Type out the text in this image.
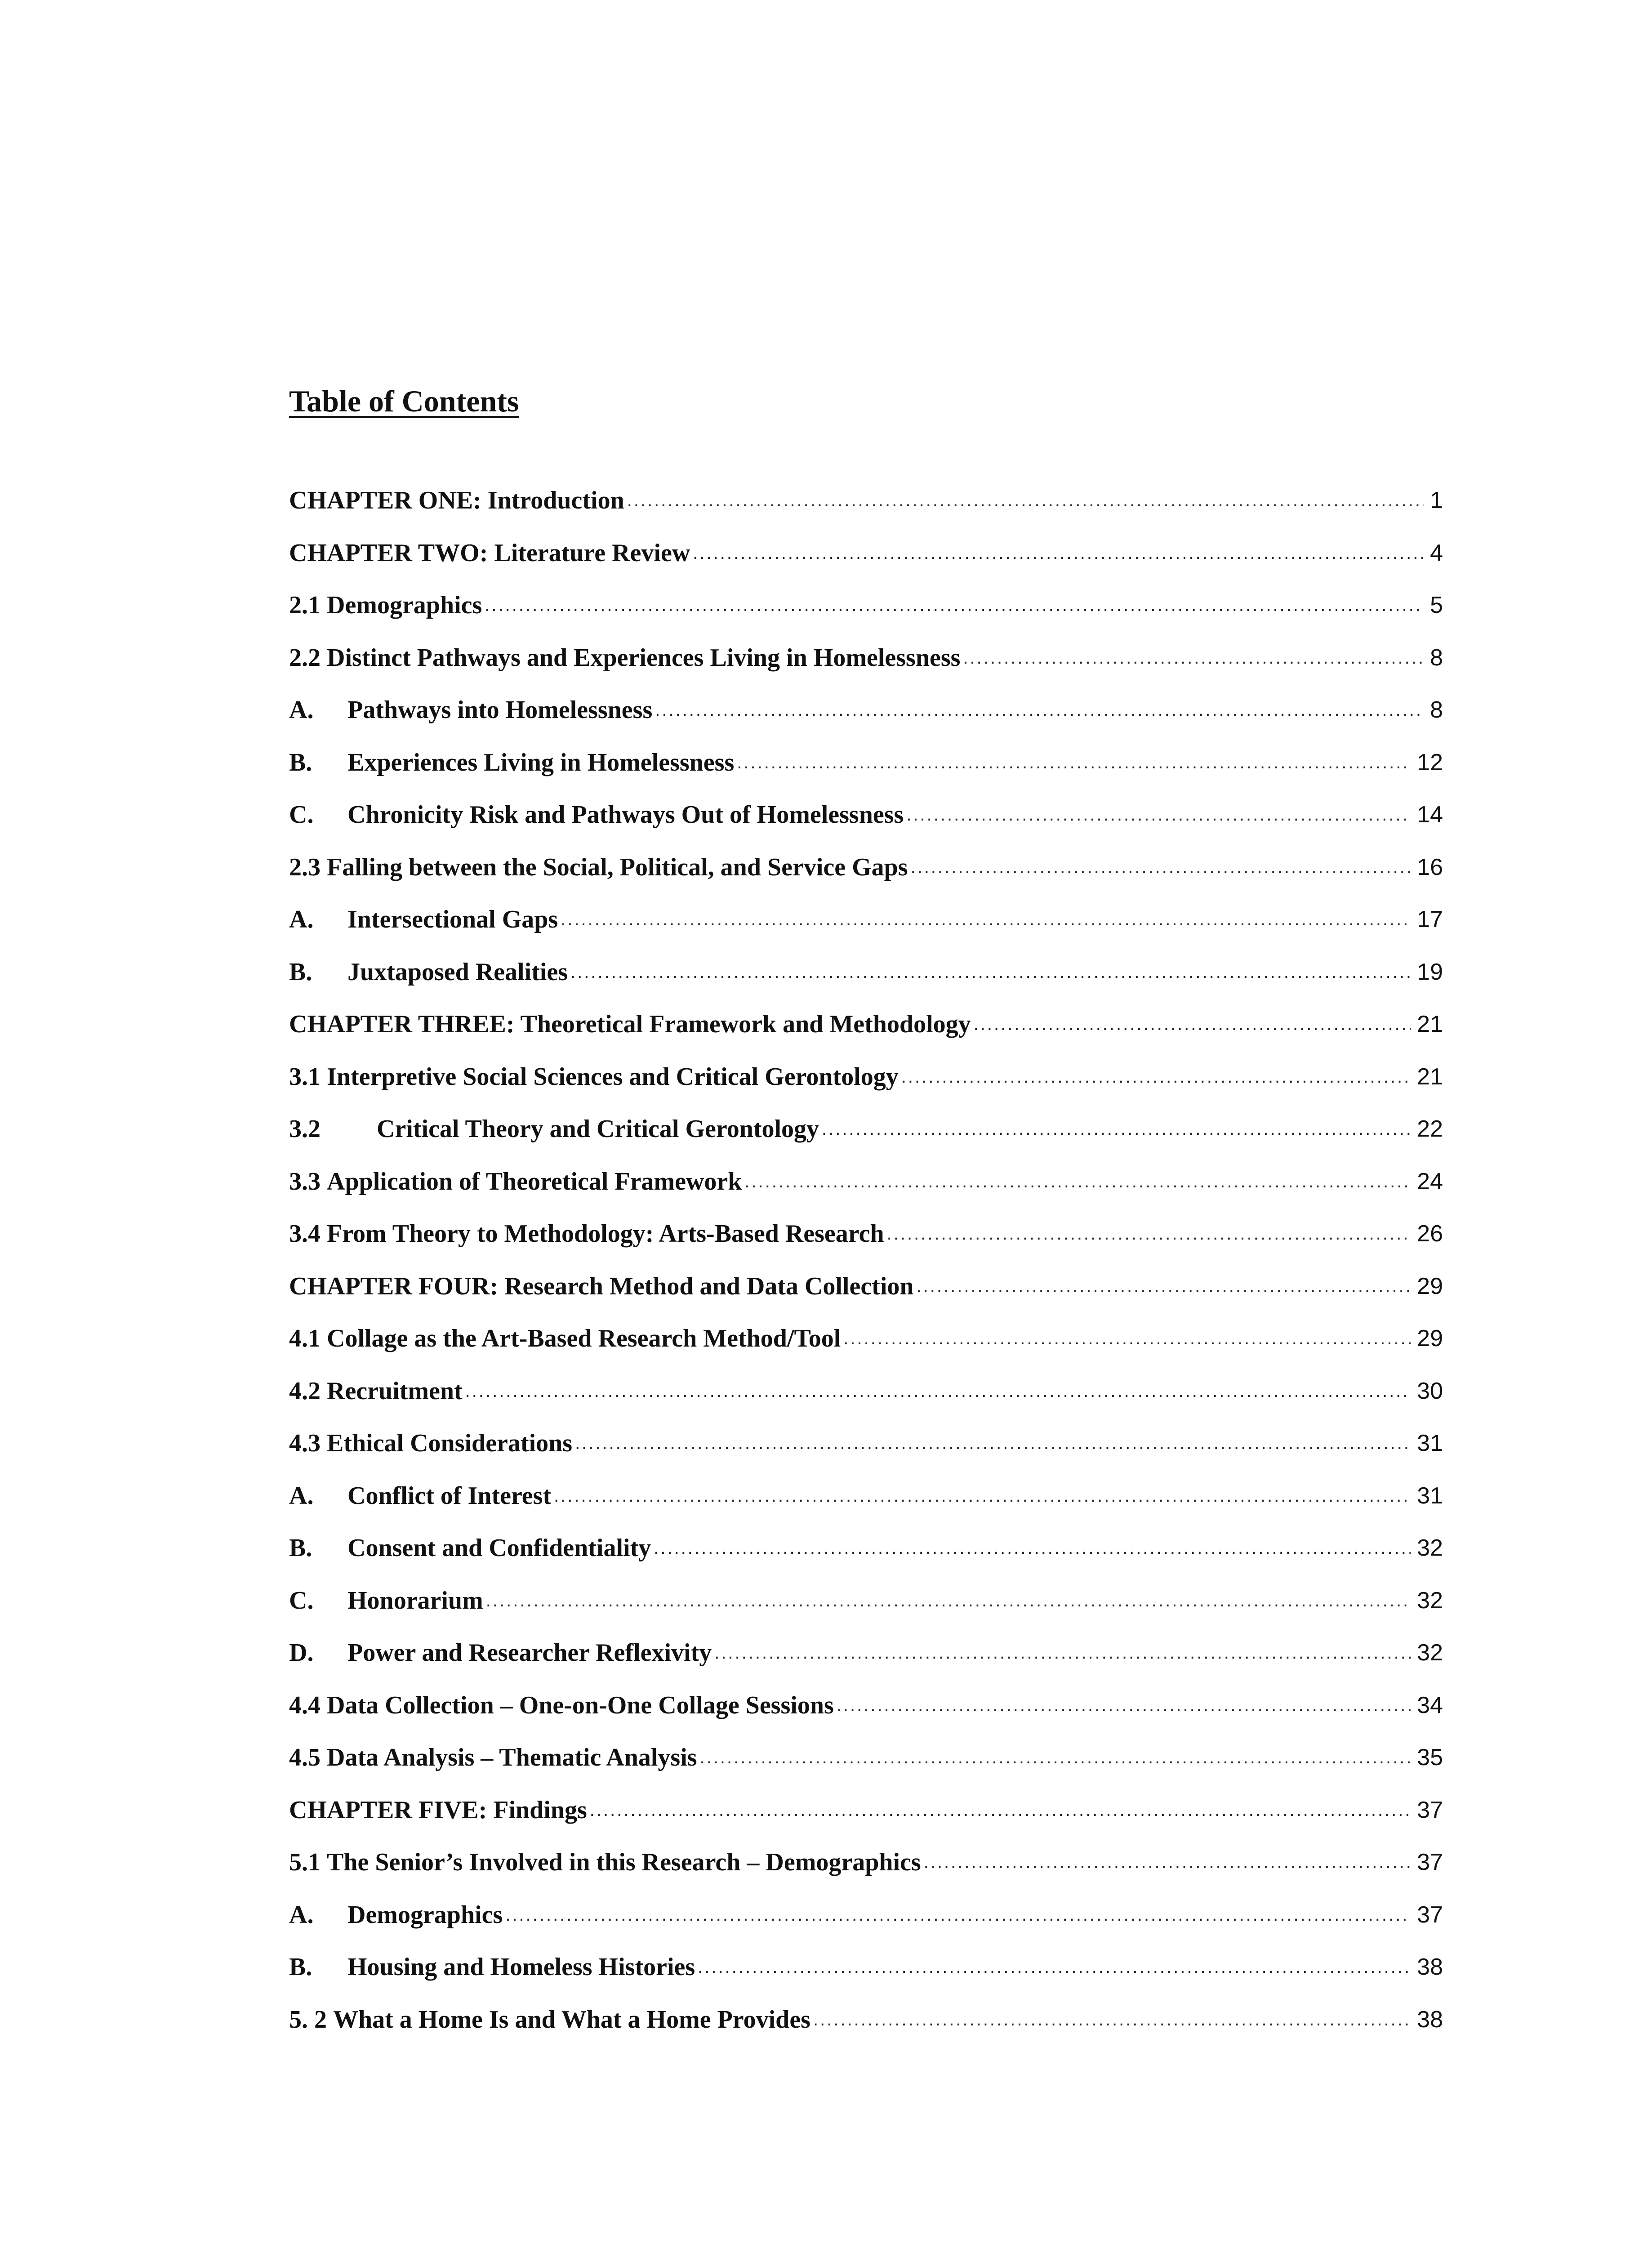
Table of Contents
CHAPTER ONE: Introduction .....	1
CHAPTER TWO: Literature Review .....	4
2.1 Demographics .....	5
2.2 Distinct Pathways and Experiences Living in Homelessness .....	8
A.	Pathways into Homelessness .....	8
B.	Experiences Living in Homelessness .....	12
C.	Chronicity Risk and Pathways Out of Homelessness .....	14
2.3 Falling between the Social, Political, and Service Gaps .....	16
A.	Intersectional Gaps .....	17
B.	Juxtaposed Realities .....	19
CHAPTER THREE: Theoretical Framework and Methodology .....	21
3.1 Interpretive Social Sciences and Critical Gerontology .....	21
3.2	Critical Theory and Critical Gerontology .....	22
3.3 Application of Theoretical Framework .....	24
3.4 From Theory to Methodology: Arts-Based Research .....	26
CHAPTER FOUR: Research Method and Data Collection .....	29
4.1 Collage as the Art-Based Research Method/Tool .....	29
4.2 Recruitment .....	30
4.3 Ethical Considerations .....	31
A.	Conflict of Interest .....	31
B.	Consent and Confidentiality .....	32
C.	Honorarium .....	32
D.	Power and Researcher Reflexivity .....	32
4.4 Data Collection – One-on-One Collage Sessions .....	34
4.5 Data Analysis – Thematic Analysis .....	35
CHAPTER FIVE: Findings .....	37
5.1 The Senior’s Involved in this Research – Demographics .....	37
A.	Demographics .....	37
B.	Housing and Homeless Histories .....	38
5. 2 What a Home Is and What a Home Provides .....	38
